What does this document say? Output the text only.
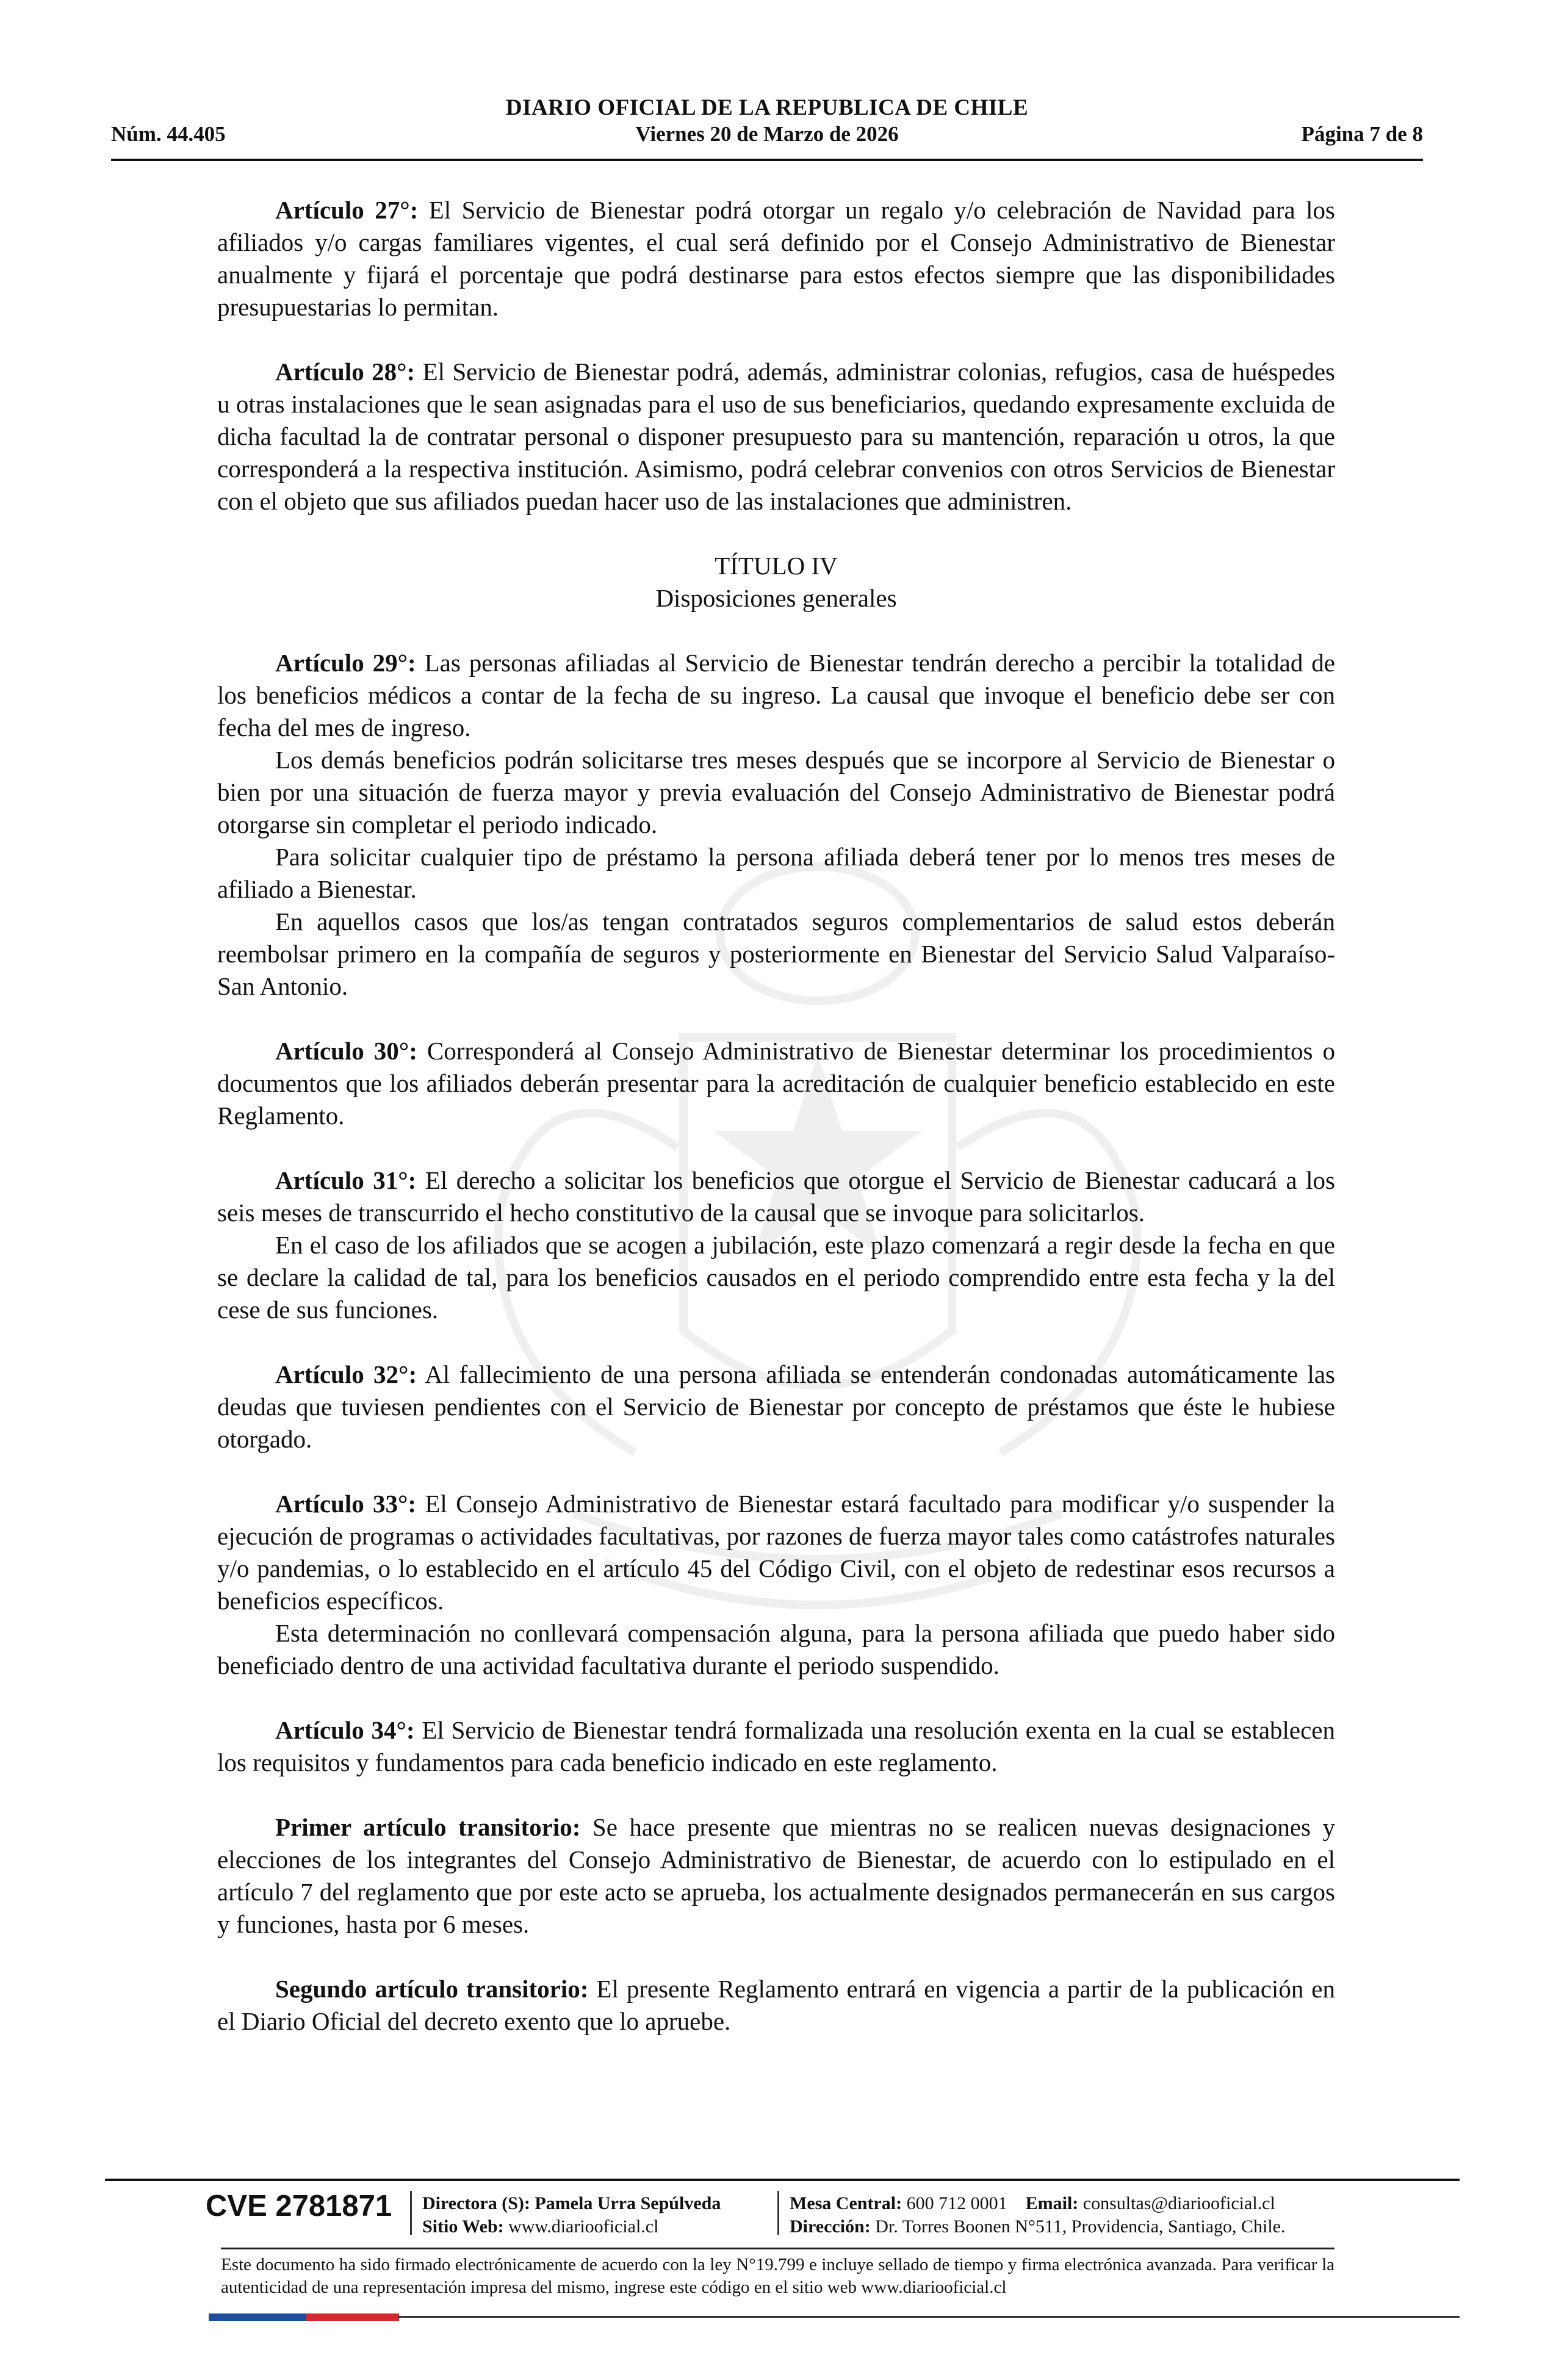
DIARIO OFICIAL DE LA REPUBLICA DE CHILE
Núm. 44.405	Viernes 20 de Marzo de 2026	Página 7 de 8

Artículo 27°: El Servicio de Bienestar podrá otorgar un regalo y/o celebración de Navidad para los afiliados y/o cargas familiares vigentes, el cual será definido por el Consejo Administrativo de Bienestar anualmente y fijará el porcentaje que podrá destinarse para estos efectos siempre que las disponibilidades presupuestarias lo permitan.

Artículo 28°: El Servicio de Bienestar podrá, además, administrar colonias, refugios, casa de huéspedes u otras instalaciones que le sean asignadas para el uso de sus beneficiarios, quedando expresamente excluida de dicha facultad la de contratar personal o disponer presupuesto para su mantención, reparación u otros, la que corresponderá a la respectiva institución. Asimismo, podrá celebrar convenios con otros Servicios de Bienestar con el objeto que sus afiliados puedan hacer uso de las instalaciones que administren.

TÍTULO IV
Disposiciones generales

Artículo 29°: Las personas afiliadas al Servicio de Bienestar tendrán derecho a percibir la totalidad de los beneficios médicos a contar de la fecha de su ingreso. La causal que invoque el beneficio debe ser con fecha del mes de ingreso.

Los demás beneficios podrán solicitarse tres meses después que se incorpore al Servicio de Bienestar o bien por una situación de fuerza mayor y previa evaluación del Consejo Administrativo de Bienestar podrá otorgarse sin completar el periodo indicado.

Para solicitar cualquier tipo de préstamo la persona afiliada deberá tener por lo menos tres meses de afiliado a Bienestar.

En aquellos casos que los/as tengan contratados seguros complementarios de salud estos deberán reembolsar primero en la compañía de seguros y posteriormente en Bienestar del Servicio Salud Valparaíso-San Antonio.

Artículo 30°: Corresponderá al Consejo Administrativo de Bienestar determinar los procedimientos o documentos que los afiliados deberán presentar para la acreditación de cualquier beneficio establecido en este Reglamento.

Artículo 31°: El derecho a solicitar los beneficios que otorgue el Servicio de Bienestar caducará a los seis meses de transcurrido el hecho constitutivo de la causal que se invoque para solicitarlos.

En el caso de los afiliados que se acogen a jubilación, este plazo comenzará a regir desde la fecha en que se declare la calidad de tal, para los beneficios causados en el periodo comprendido entre esta fecha y la del cese de sus funciones.

Artículo 32°: Al fallecimiento de una persona afiliada se entenderán condonadas automáticamente las deudas que tuviesen pendientes con el Servicio de Bienestar por concepto de préstamos que éste le hubiese otorgado.

Artículo 33°: El Consejo Administrativo de Bienestar estará facultado para modificar y/o suspender la ejecución de programas o actividades facultativas, por razones de fuerza mayor tales como catástrofes naturales y/o pandemias, o lo establecido en el artículo 45 del Código Civil, con el objeto de redestinar esos recursos a beneficios específicos.

Esta determinación no conllevará compensación alguna, para la persona afiliada que puedo haber sido beneficiado dentro de una actividad facultativa durante el periodo suspendido.

Artículo 34°: El Servicio de Bienestar tendrá formalizada una resolución exenta en la cual se establecen los requisitos y fundamentos para cada beneficio indicado en este reglamento.

Primer artículo transitorio: Se hace presente que mientras no se realicen nuevas designaciones y elecciones de los integrantes del Consejo Administrativo de Bienestar, de acuerdo con lo estipulado en el artículo 7 del reglamento que por este acto se aprueba, los actualmente designados permanecerán en sus cargos y funciones, hasta por 6 meses.

Segundo artículo transitorio: El presente Reglamento entrará en vigencia a partir de la publicación en el Diario Oficial del decreto exento que lo apruebe.

CVE 2781871 Directora (S): Pamela Urra Sepúlveda
Sitio Web: www.diariooficial.cl
Mesa Central: 600 712 0001 Email: consultas@diariooficial.cl
Dirección: Dr. Torres Boonen N°511, Providencia, Santiago, Chile.
Este documento ha sido firmado electrónicamente de acuerdo con la ley N°19.799 e incluye sellado de tiempo y firma electrónica avanzada. Para verificar la autenticidad de una representación impresa del mismo, ingrese este código en el sitio web www.diariooficial.cl
